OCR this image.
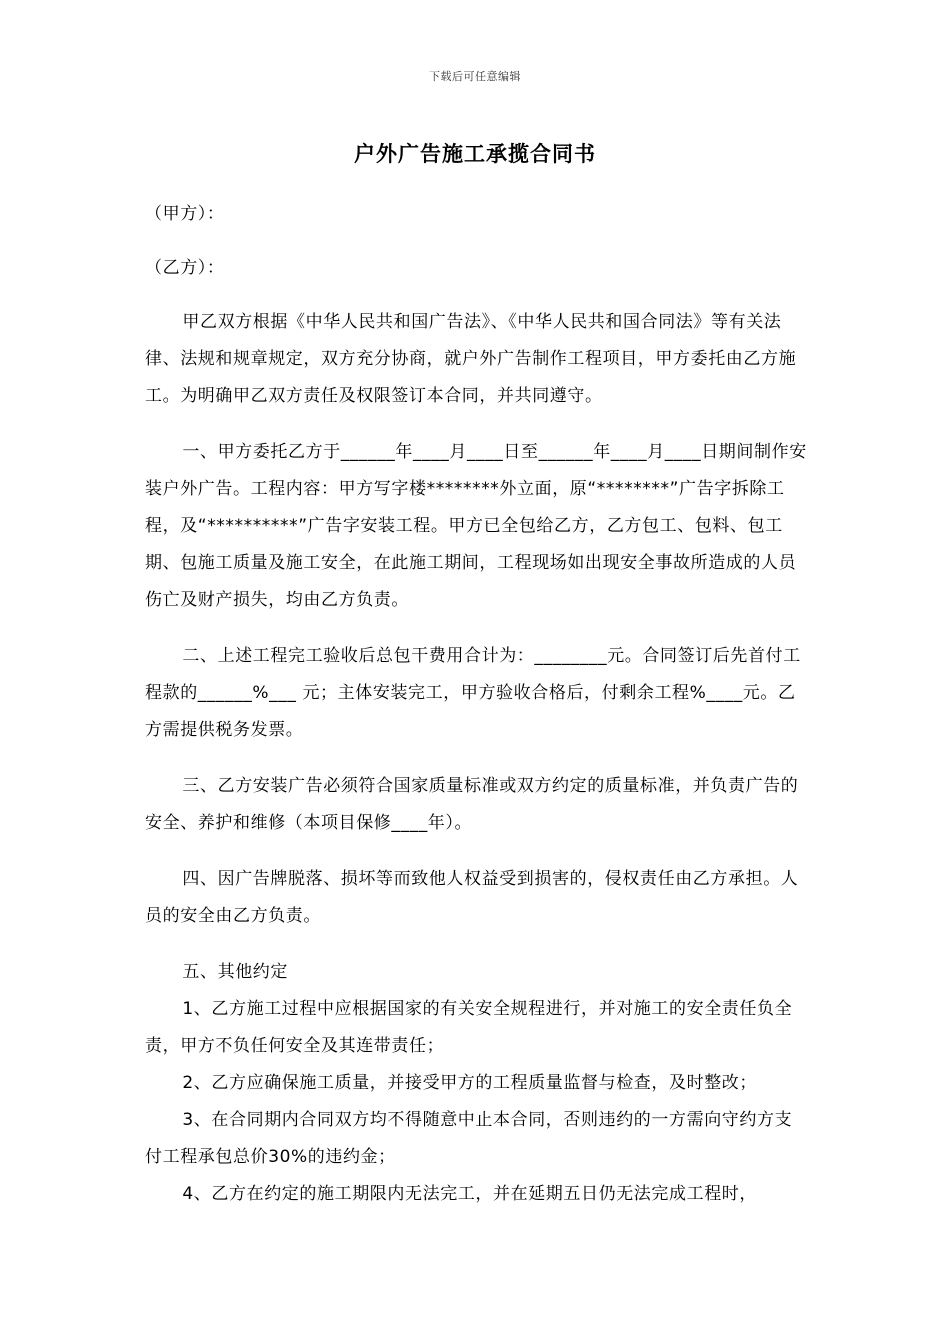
下载后可任意编辑
户外广告施工承揽合同书

（甲方）：

（乙方）：

甲乙双方根据《中华人民共和国广告法》、《中华人民共和国合同法》等有关法律、法规和规章规定，双方充分协商，就户外广告制作工程项目，甲方委托由乙方施工。为明确甲乙双方责任及权限签订本合同，并共同遵守。

一、甲方委托乙方于______年____月____日至______年____月____日期间制作安装户外广告。工程内容：甲方写字楼********外立面，原“********”广告字拆除工程，及“**********”广告字安装工程。甲方已全包给乙方，乙方包工、包料、包工期、包施工质量及施工安全，在此施工期间，工程现场如出现安全事故所造成的人员伤亡及财产损失，均由乙方负责。

二、上述工程完工验收后总包干费用合计为：________元。合同签订后先首付工程款的______%___ 元；主体安装完工，甲方验收合格后，付剩余工程%____元。乙方需提供税务发票。

三、乙方安装广告必须符合国家质量标准或双方约定的质量标准，并负责广告的安全、养护和维修（本项目保修____年）。

四、因广告牌脱落、损坏等而致他人权益受到损害的，侵权责任由乙方承担。人员的安全由乙方负责。

五、其他约定

1、乙方施工过程中应根据国家的有关安全规程进行，并对施工的安全责任负全责，甲方不负任何安全及其连带责任；

2、乙方应确保施工质量，并接受甲方的工程质量监督与检查，及时整改；

3、在合同期内合同双方均不得随意中止本合同，否则违约的一方需向守约方支付工程承包总价30%的违约金；

4、乙方在约定的施工期限内无法完工，并在延期五日仍无法完成工程时，
